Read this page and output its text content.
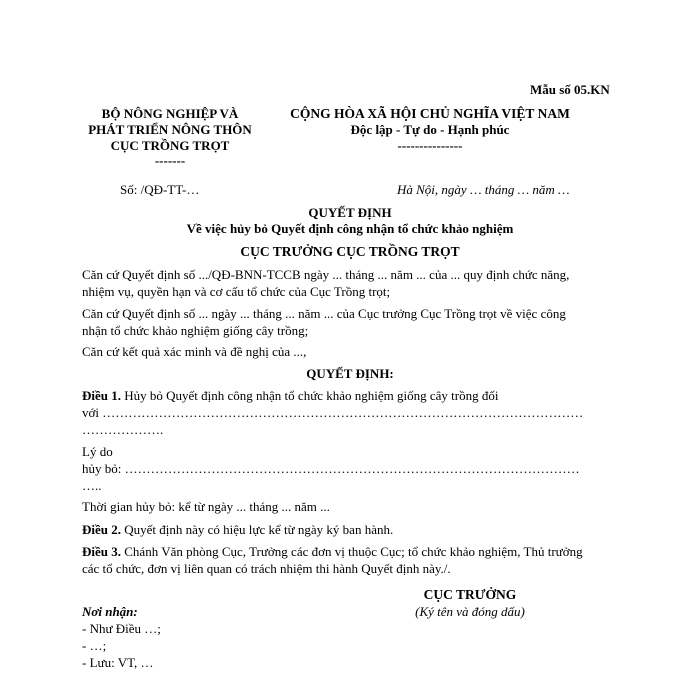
Mẫu số 05.KN
BỘ NÔNG NGHIỆP VÀ
PHÁT TRIỂN NÔNG THÔN
CỤC TRỒNG TRỌT
-------
CỘNG HÒA XÃ HỘI CHỦ NGHĨA VIỆT NAM
Độc lập - Tự do - Hạnh phúc
---------------
Số: /QĐ-TT-…	Hà Nội, ngày … tháng … năm …
QUYẾT ĐỊNH
Về việc hủy bỏ Quyết định công nhận tổ chức khảo nghiệm
CỤC TRƯỞNG CỤC TRỒNG TRỌT
Căn cứ Quyết định số .../QĐ-BNN-TCCB ngày ... tháng ... năm ... của ... quy định chức năng,
nhiệm vụ, quyền hạn và cơ cấu tổ chức của Cục Trồng trọt;
Căn cứ Quyết định số ... ngày ... tháng ... năm ... của Cục trưởng Cục Trồng trọt về việc công
nhận tổ chức khảo nghiệm giống cây trồng;
Căn cứ kết quả xác minh và đề nghị của ...,
QUYẾT ĐỊNH:
Điều 1. Hủy bỏ Quyết định công nhận tổ chức khảo nghiệm giống cây trồng đối
với …………………………………………………………………………………………………
……………….
Lý do
hủy bỏ: ……………………………………………………………………………………………
…..
Thời gian hủy bỏ: kể từ ngày ... tháng ... năm ...
Điều 2. Quyết định này có hiệu lực kể từ ngày ký ban hành.
Điều 3. Chánh Văn phòng Cục, Trưởng các đơn vị thuộc Cục; tổ chức khảo nghiệm, Thủ trưởng
các tổ chức, đơn vị liên quan có trách nhiệm thi hành Quyết định này./.
CỤC TRƯỞNG
(Ký tên và đóng dấu)
Nơi nhận:
- Như Điều …;
- …;
- Lưu: VT, …
